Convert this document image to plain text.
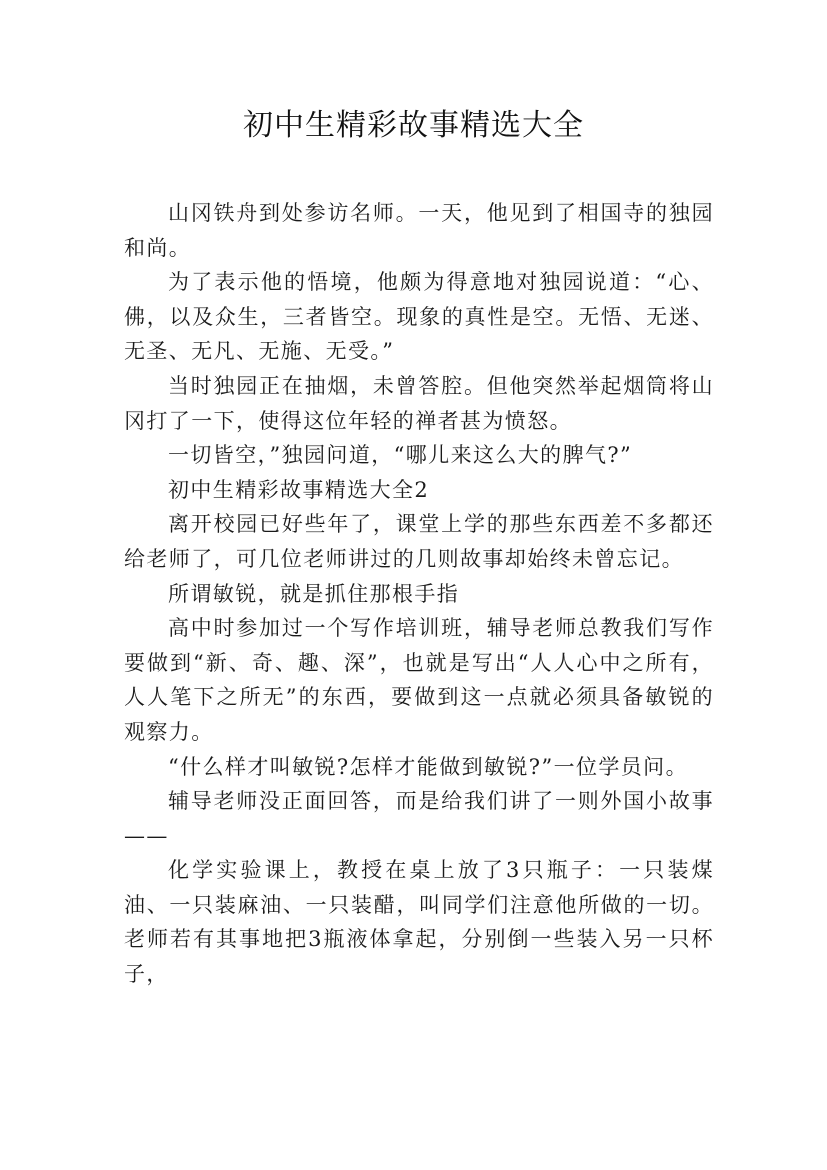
初中生精彩故事精选大全

山冈铁舟到处参访名师。一天，他见到了相国寺的独园和尚。

为了表示他的悟境，他颇为得意地对独园说道：“心、佛，以及众生，三者皆空。现象的真性是空。无悟、无迷、无圣、无凡、无施、无受。”

当时独园正在抽烟，未曾答腔。但他突然举起烟筒将山冈打了一下，使得这位年轻的禅者甚为愤怒。

一切皆空，”独园问道，“哪儿来这么大的脾气?”

初中生精彩故事精选大全2

离开校园已好些年了，课堂上学的那些东西差不多都还给老师了，可几位老师讲过的几则故事却始终未曾忘记。

所谓敏锐，就是抓住那根手指

高中时参加过一个写作培训班，辅导老师总教我们写作要做到“新、奇、趣、深”，也就是写出“人人心中之所有，人人笔下之所无”的东西，要做到这一点就必须具备敏锐的观察力。

“什么样才叫敏锐?怎样才能做到敏锐?”一位学员问。

辅导老师没正面回答，而是给我们讲了一则外国小故事——

化学实验课上，教授在桌上放了3只瓶子：一只装煤油、一只装麻油、一只装醋，叫同学们注意他所做的一切。老师若有其事地把3瓶液体拿起，分别倒一些装入另一只杯子，
